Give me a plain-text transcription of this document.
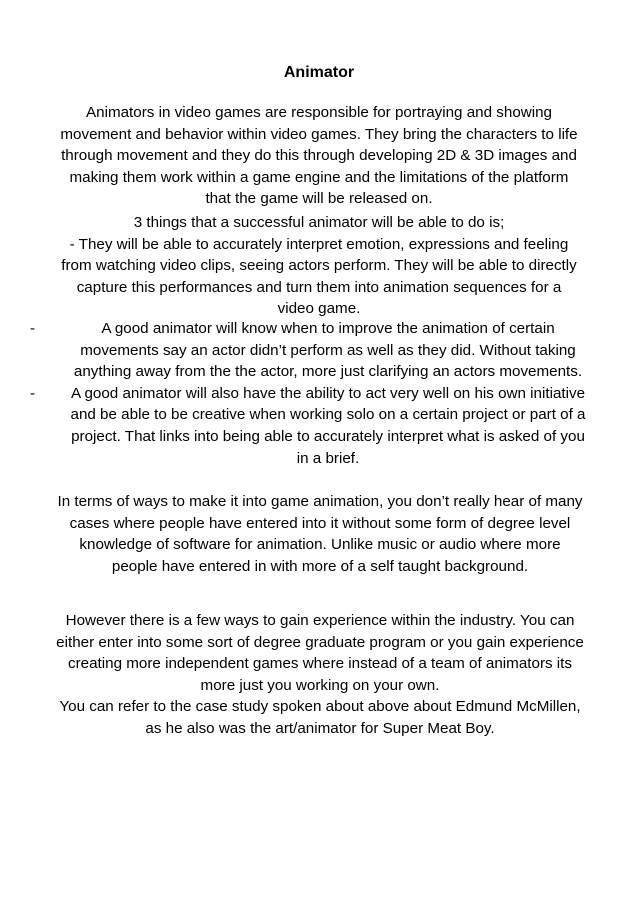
Animator
Animators in video games are responsible for portraying and showing movement and behavior within video games. They bring the characters to life through movement and they do this through developing 2D & 3D images and making them work within a game engine and the limitations of the platform that the game will be released on.
3 things that a successful animator will be able to do is;
- They will be able to accurately interpret emotion, expressions and feeling from watching video clips, seeing actors perform. They will be able to directly capture this performances and turn them into animation sequences for a video game.
-	A good animator will know when to improve the animation of certain movements say an actor didn’t perform as well as they did. Without taking anything away from the the actor, more just clarifying an actors movements.
- A good animator will also have the ability to act very well on his own initiative and be able to be creative when working solo on a certain project or part of a project. That links into being able to accurately interpret what is asked of you in a brief.
In terms of ways to make it into game animation, you don’t really hear of many cases where people have entered into it without some form of degree level knowledge of software for animation. Unlike music or audio where more people have entered in with more of a self taught background.
However there is a few ways to gain experience within the industry. You can either enter into some sort of degree graduate program or you gain experience creating more independent games where instead of a team of animators its more just you working on your own.
You can refer to the case study spoken about above about Edmund McMillen, as he also was the art/animator for Super Meat Boy.
